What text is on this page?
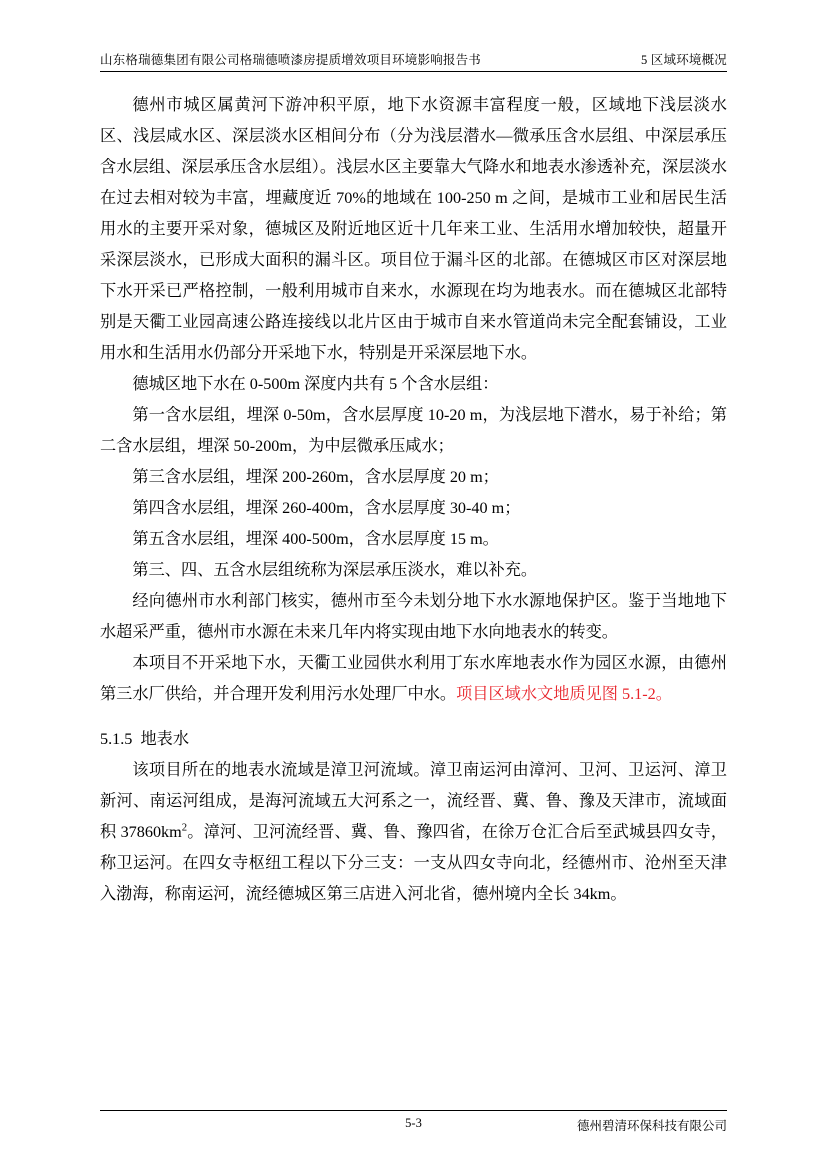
山东格瑞德集团有限公司格瑞德喷漆房提质增效项目环境影响报告书	5 区域环境概况

德州市城区属黄河下游冲积平原，地下水资源丰富程度一般，区域地下浅层淡水区、浅层咸水区、深层淡水区相间分布（分为浅层潜水—微承压含水层组、中深层承压含水层组、深层承压含水层组）。浅层水区主要靠大气降水和地表水渗透补充，深层淡水在过去相对较为丰富，埋藏度近 70%的地域在 100-250 m 之间，是城市工业和居民生活用水的主要开采对象，德城区及附近地区近十几年来工业、生活用水增加较快，超量开采深层淡水，已形成大面积的漏斗区。项目位于漏斗区的北部。在德城区市区对深层地下水开采已严格控制，一般利用城市自来水，水源现在均为地表水。而在德城区北部特别是天衢工业园高速公路连接线以北片区由于城市自来水管道尚未完全配套铺设，工业用水和生活用水仍部分开采地下水，特别是开采深层地下水。

德城区地下水在 0-500m 深度内共有 5 个含水层组：

第一含水层组，埋深 0-50m，含水层厚度 10-20 m，为浅层地下潜水，易于补给；第二含水层组，埋深 50-200m，为中层微承压咸水；

第三含水层组，埋深 200-260m，含水层厚度 20 m；

第四含水层组，埋深 260-400m，含水层厚度 30-40 m；

第五含水层组，埋深 400-500m，含水层厚度 15 m。

第三、四、五含水层组统称为深层承压淡水，难以补充。

经向德州市水利部门核实，德州市至今未划分地下水水源地保护区。鉴于当地地下水超采严重，德州市水源在未来几年内将实现由地下水向地表水的转变。

本项目不开采地下水，天衢工业园供水利用丁东水库地表水作为园区水源，由德州第三水厂供给，并合理开发利用污水处理厂中水。项目区域水文地质见图 5.1-2。

5.1.5 地表水

该项目所在的地表水流域是漳卫河流域。漳卫南运河由漳河、卫河、卫运河、漳卫新河、南运河组成，是海河流域五大河系之一，流经晋、冀、鲁、豫及天津市，流域面积 $37860km^2$。漳河、卫河流经晋、冀、鲁、豫四省，在徐万仓汇合后至武城县四女寺，称卫运河。在四女寺枢纽工程以下分三支：一支从四女寺向北，经德州市、沧州至天津入渤海，称南运河，流经德城区第三店进入河北省，德州境内全长 34km。

5-3	德州碧清环保科技有限公司
